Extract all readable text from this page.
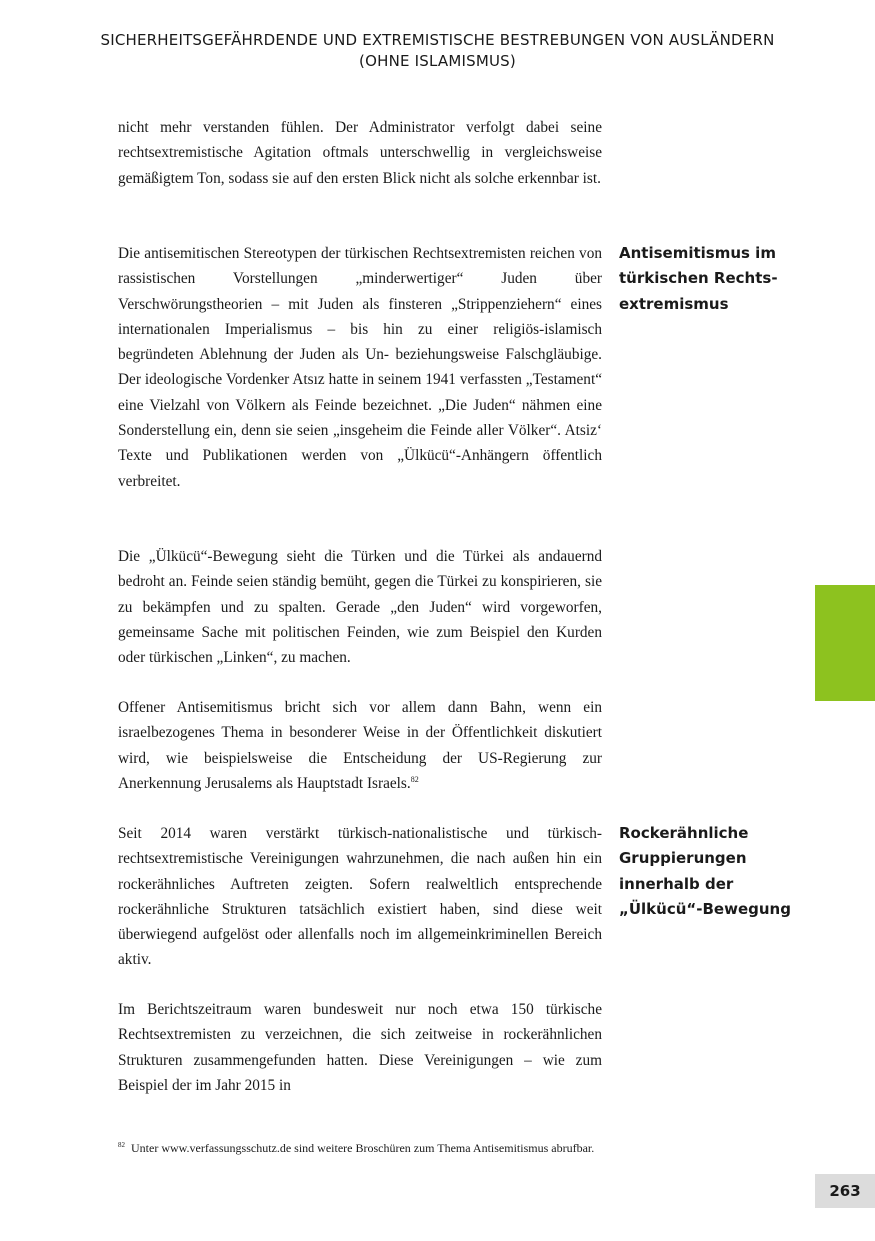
SICHERHEITSGEFÄHRDENDE UND EXTREMISTISCHE BESTREBUNGEN VON AUSLÄNDERN
(OHNE ISLAMISMUS)

nicht mehr verstanden fühlen. Der Administrator verfolgt dabei seine rechtsextremistische Agitation oftmals unterschwellig in vergleichsweise gemäßigtem Ton, sodass sie auf den ersten Blick nicht als solche erkennbar ist.

Die antisemitischen Stereotypen der türkischen Rechtsextremisten reichen von rassistischen Vorstellungen „minderwertiger“ Juden über Verschwörungstheorien – mit Juden als finsteren „Strippenziehern“ eines internationalen Imperialismus – bis hin zu einer religiös-islamisch begründeten Ablehnung der Juden als Un- beziehungsweise Falschgläubige. Der ideologische Vordenker Atsız hatte in seinem 1941 verfassten „Testament“ eine Vielzahl von Völkern als Feinde bezeichnet. „Die Juden“ nähmen eine Sonderstellung ein, denn sie seien „insgeheim die Feinde aller Völker“. Atsiz‘ Texte und Publikationen werden von „Ülkücü“-Anhängern öffentlich verbreitet.

Die „Ülkücü“-Bewegung sieht die Türken und die Türkei als andauernd bedroht an. Feinde seien ständig bemüht, gegen die Türkei zu konspirieren, sie zu bekämpfen und zu spalten. Gerade „den Juden“ wird vorgeworfen, gemeinsame Sache mit politischen Feinden, wie zum Beispiel den Kurden oder türkischen „Linken“, zu machen.

Offener Antisemitismus bricht sich vor allem dann Bahn, wenn ein israelbezogenes Thema in besonderer Weise in der Öffentlichkeit diskutiert wird, wie beispielsweise die Entscheidung der US-Regierung zur Anerkennung Jerusalems als Hauptstadt Israels.$^{82}$

Seit 2014 waren verstärkt türkisch-nationalistische und türkisch-rechtsextremistische Vereinigungen wahrzunehmen, die nach außen hin ein rockerähnliches Auftreten zeigten. Sofern realweltlich entsprechende rockerähnliche Strukturen tatsächlich existiert haben, sind diese weit überwiegend aufgelöst oder allenfalls noch im allgemeinkriminellen Bereich aktiv.

Im Berichtszeitraum waren bundesweit nur noch etwa 150 türkische Rechtsextremisten zu verzeichnen, die sich zeitweise in rockerähnlichen Strukturen zusammengefunden hatten. Diese Vereinigungen – wie zum Beispiel der im Jahr 2015 in

Antisemitismus im
türkischen Rechts-
extremismus

Rockerähnliche
Gruppierungen
innerhalb der
„Ülkücü“-Bewegung

$^{82}$ Unter www.verfassungsschutz.de sind weitere Broschüren zum Thema Antisemitismus abrufbar.
263
